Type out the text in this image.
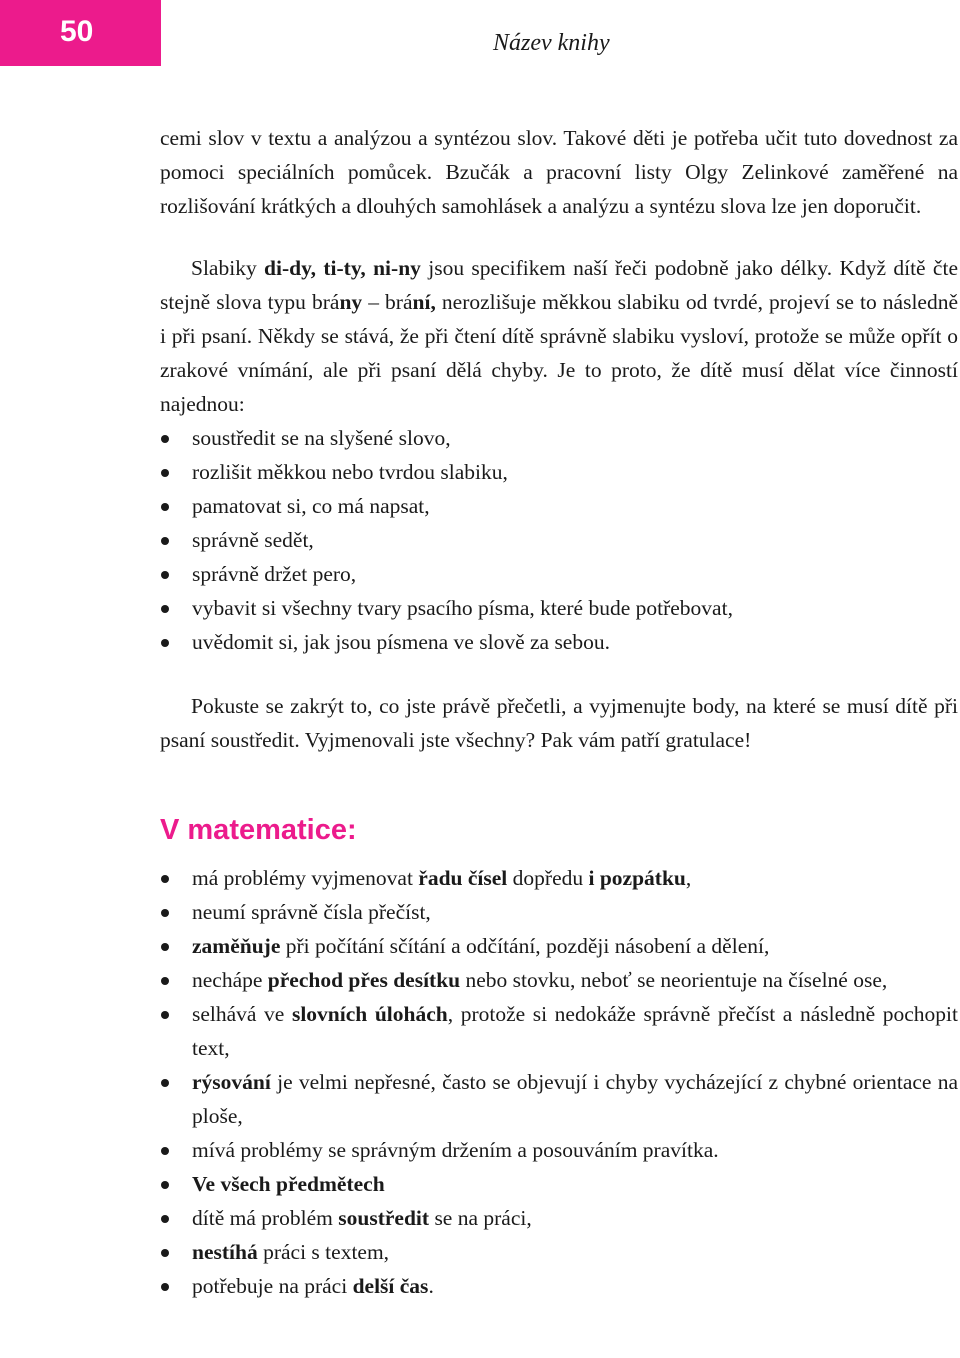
50	Název knihy

cemi slov v textu a analýzou a syntézou slov. Takové děti je potřeba učit tuto dovednost za pomoci speciálních pomůcek. Bzučák a pracovní listy Olgy Zelinkové zaměřené na rozlišování krátkých a dlouhých samohlásek a analýzu a syntézu slova lze jen doporučit.

Slabiky di-dy, ti-ty, ni-ny jsou specifikem naší řeči podobně jako délky. Když dítě čte stejně slova typu brány – brání, nerozlišuje měkkou slabiku od tvrdé, projeví se to následně i při psaní. Někdy se stává, že při čtení dítě správně slabiku vysloví, protože se může opřít o zrakové vnímání, ale při psaní dělá chyby. Je to proto, že dítě musí dělat více činností najednou:

soustředit se na slyšené slovo,
rozlišit měkkou nebo tvrdou slabiku,
pamatovat si, co má napsat,
správně sedět,
správně držet pero,
vybavit si všechny tvary psacího písma, které bude potřebovat,
uvědomit si, jak jsou písmena ve slově za sebou.

Pokuste se zakrýt to, co jste právě přečetli, a vyjmenujte body, na které se musí dítě při psaní soustředit. Vyjmenovali jste všechny? Pak vám patří gratulace!

V matematice:
má problémy vyjmenovat řadu čísel dopředu i pozpátku,
neumí správně čísla přečíst,
zaměňuje při počítání sčítání a odčítání, později násobení a dělení,
nechápe přechod přes desítku nebo stovku, neboť se neorientuje na číselné ose,
selhává ve slovních úlohách, protože si nedokáže správně přečíst a následně pochopit text,
rýsování je velmi nepřesné, často se objevují i chyby vycházející z chybné orientace na ploše,
mívá problémy se správným držením a posouváním pravítka.
Ve všech předmětech
dítě má problém soustředit se na práci,
nestíhá práci s textem,
potřebuje na práci delší čas.
